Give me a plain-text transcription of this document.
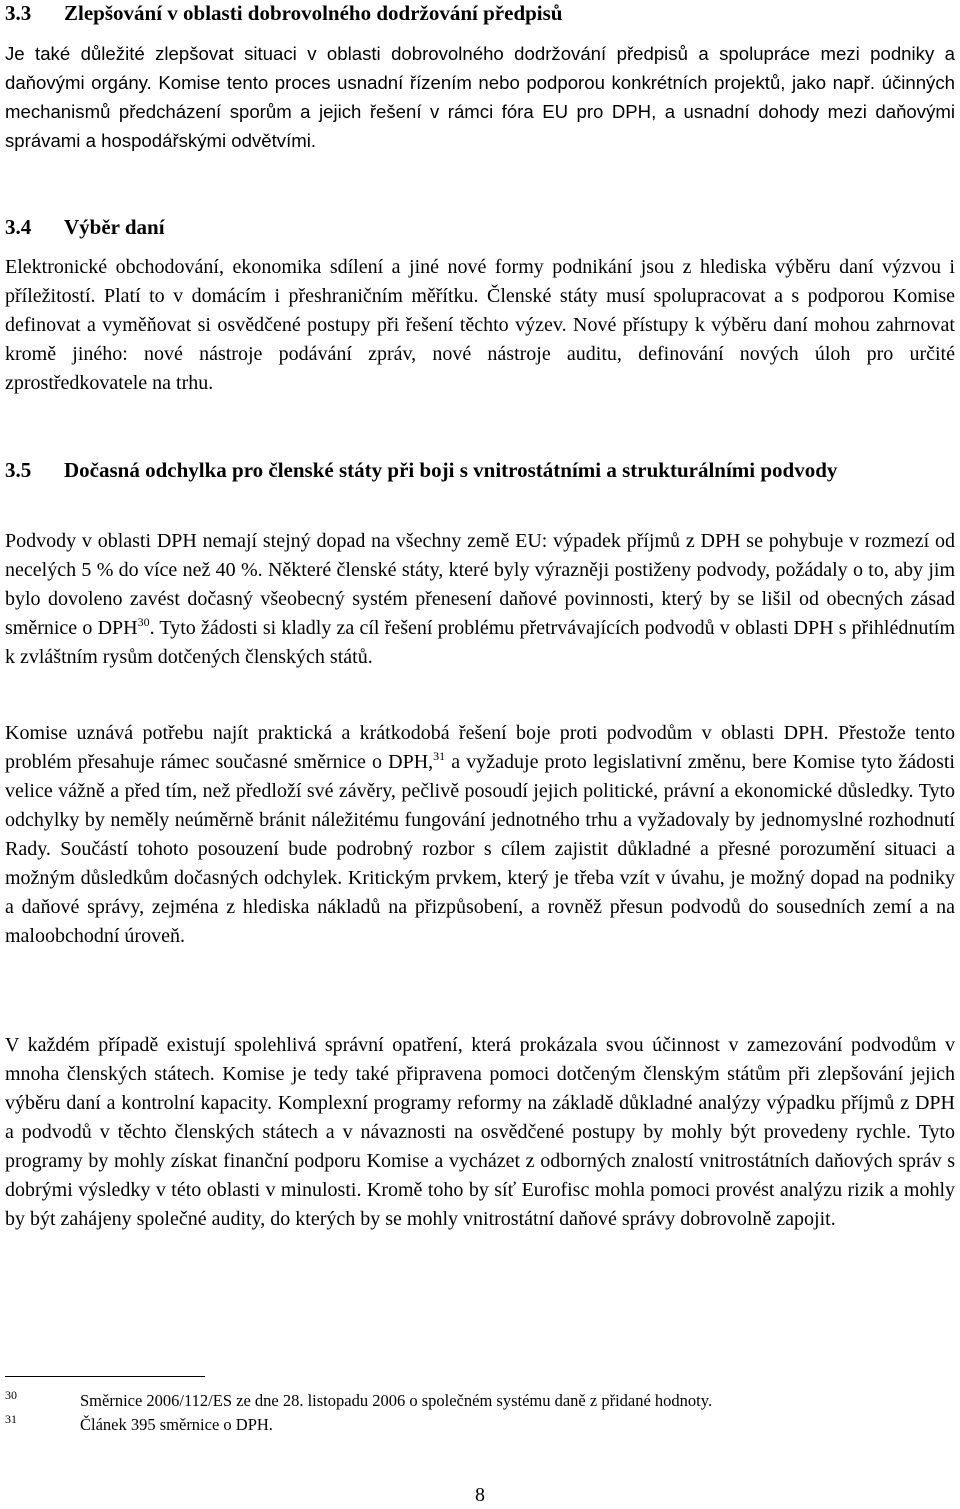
3.3 Zlepšování v oblasti dobrovolného dodržování předpisů

Je také důležité zlepšovat situaci v oblasti dobrovolného dodržování předpisů a spolupráce mezi podniky a daňovými orgány. Komise tento proces usnadní řízením nebo podporou konkrétních projektů, jako např. účinných mechanismů předcházení sporům a jejich řešení v rámci fóra EU pro DPH, a usnadní dohody mezi daňovými správami a hospodářskými odvětvími.

3.4 Výběr daní

Elektronické obchodování, ekonomika sdílení a jiné nové formy podnikání jsou z hlediska výběru daní výzvou i příležitostí. Platí to v domácím i přeshraničním měřítku. Členské státy musí spolupracovat a s podporou Komise definovat a vyměňovat si osvědčené postupy při řešení těchto výzev. Nové přístupy k výběru daní mohou zahrnovat kromě jiného: nové nástroje podávání zpráv, nové nástroje auditu, definování nových úloh pro určité zprostředkovatele na trhu.

3.5 Dočasná odchylka pro členské státy při boji s vnitrostátními a strukturálními podvody

Podvody v oblasti DPH nemají stejný dopad na všechny země EU: výpadek příjmů z DPH se pohybuje v rozmezí od necelých 5 % do více než 40 %. Některé členské státy, které byly výrazněji postiženy podvody, požádaly o to, aby jim bylo dovoleno zavést dočasný všeobecný systém přenesení daňové povinnosti, který by se lišil od obecných zásad směrnice o DPH$^{30}$. Tyto žádosti si kladly za cíl řešení problému přetrvávajících podvodů v oblasti DPH s přihlédnutím k zvláštním rysům dotčených členských států.

Komise uznává potřebu najít praktická a krátkodobá řešení boje proti podvodům v oblasti DPH. Přestože tento problém přesahuje rámec současné směrnice o DPH,$^{31}$ a vyžaduje proto legislativní změnu, bere Komise tyto žádosti velice vážně a před tím, než předloží své závěry, pečlivě posoudí jejich politické, právní a ekonomické důsledky. Tyto odchylky by neměly neúměrně bránit náležitému fungování jednotného trhu a vyžadovaly by jednomyslné rozhodnutí Rady. Součástí tohoto posouzení bude podrobný rozbor s cílem zajistit důkladné a přesné porozumění situaci a možným důsledkům dočasných odchylek. Kritickým prvkem, který je třeba vzít v úvahu, je možný dopad na podniky a daňové správy, zejména z hlediska nákladů na přizpůsobení, a rovněž přesun podvodů do sousedních zemí a na maloobchodní úroveň.

V každém případě existují spolehlivá správní opatření, která prokázala svou účinnost v zamezování podvodům v mnoha členských státech. Komise je tedy také připravena pomoci dotčeným členským státům při zlepšování jejich výběru daní a kontrolní kapacity. Komplexní programy reformy na základě důkladné analýzy výpadku příjmů z DPH a podvodů v těchto členských státech a v návaznosti na osvědčené postupy by mohly být provedeny rychle. Tyto programy by mohly získat finanční podporu Komise a vycházet z odborných znalostí vnitrostátních daňových správ s dobrými výsledky v této oblasti v minulosti. Kromě toho by síť Eurofisc mohla pomoci provést analýzu rizik a mohly by být zahájeny společné audity, do kterých by se mohly vnitrostátní daňové správy dobrovolně zapojit.

30	Směrnice 2006/112/ES ze dne 28. listopadu 2006 o společném systému daně z přidané hodnoty.
31	Článek 395 směrnice o DPH.
8
